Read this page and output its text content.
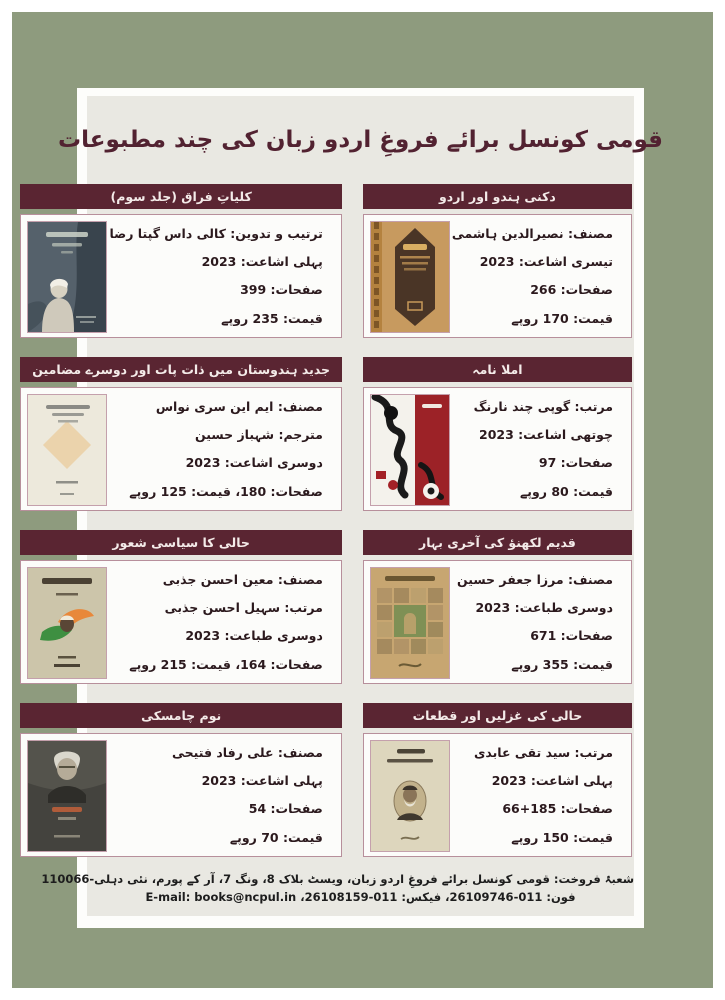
قومی کونسل برائے فروغِ اردو زبان کی چند مطبوعات
دکنی ہندو اور اردو
مصنف: نصیرالدین ہاشمی
تیسری اشاعت: 2023
صفحات: 266
قیمت: 170 روپے
کلیاتِ فراق (جلد سوم)
ترتیب و تدوین: کالی داس گپتا رضا
پہلی اشاعت: 2023
صفحات: 399
قیمت: 235 روپے
املا نامہ
مرتب: گوپی چند نارنگ
چوتھی اشاعت: 2023
صفحات: 97
قیمت: 80 روپے
جدید ہندوستان میں ذات پات اور دوسرے مضامین
مصنف: ایم این سری نواس
مترجم: شہباز حسین
دوسری اشاعت: 2023
صفحات: 180، قیمت: 125 روپے
قدیم لکھنؤ کی آخری بہار
مصنف: مرزا جعفر حسین
دوسری طباعت: 2023
صفحات: 671
قیمت: 355 روپے
حالی کا سیاسی شعور
مصنف: معین احسن جذبی
مرتب: سہیل احسن جذبی
دوسری طباعت: 2023
صفحات: 164، قیمت: 215 روپے
حالی کی غزلیں اور قطعات
مرتب: سید تقی عابدی
پہلی اشاعت: 2023
صفحات: 185+66
قیمت: 150 روپے
نوم چامسکی
مصنف: علی رفاد فتیحی
پہلی اشاعت: 2023
صفحات: 54
قیمت: 70 روپے
شعبۂ فروخت: قومی کونسل برائے فروغِ اردو زبان، ویسٹ بلاک 8، ونگ 7، آر کے پورم، نئی دہلی-110066
فون: 011-26109746، فیکس: 011-26108159، E-mail: books@ncpul.in
